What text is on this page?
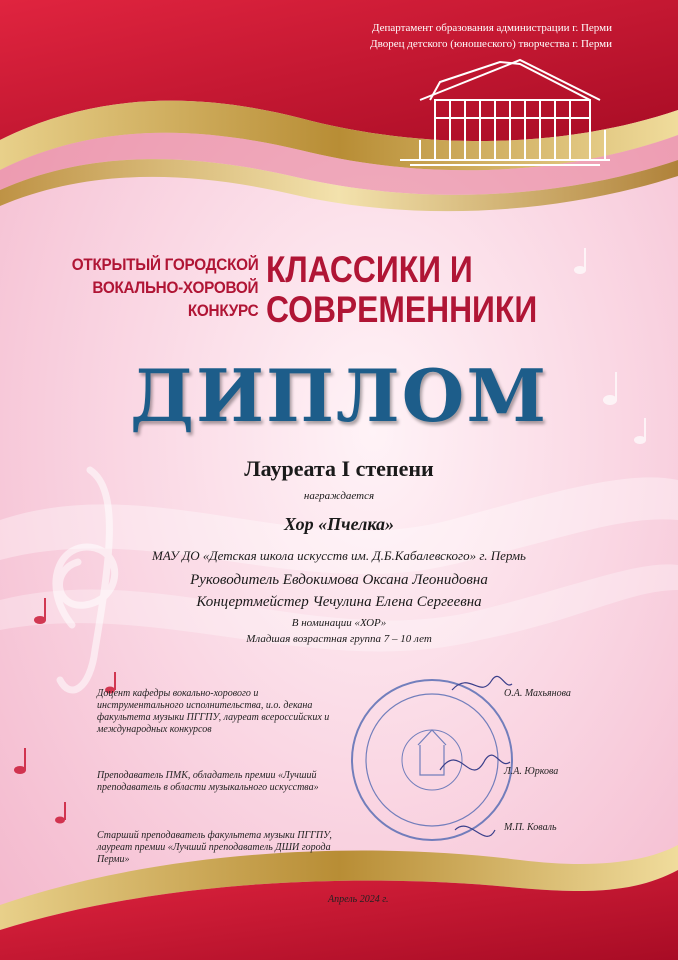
Департамент образования администрации г. Перми
Дворец детского (юношеского) творчества г. Перми
ОТКРЫТЫЙ ГОРОДСКОЙ
ВОКАЛЬНО-ХОРОВОЙ
КОНКУРС
КЛАССИКИ И
СОВРЕМЕННИКИ
ДИПЛОМ
Лауреата I степени
награждается
Хор «Пчелка»
МАУ ДО «Детская школа искусств им. Д.Б.Кабалевского» г. Пермь
Руководитель Евдокимова Оксана Леонидовна
Концертмейстер Чечулина Елена Сергеевна
В номинации «ХОР»
Младшая возрастная группа 7 – 10 лет
Доцент кафедры вокально-хорового и инструментального исполнительства, и.о. декана факультета музыки ПГГПУ, лауреат всероссийских и международных конкурсов
О.А. Махьянова
Преподаватель ПМК, обладатель премии «Лучший преподаватель в области музыкального искусства»
Л.А. Юркова
Старший преподаватель факультета музыки ПГГПУ, лауреат премии «Лучший преподаватель ДШИ города Перми»
М.П. Коваль
Апрель 2024 г.
